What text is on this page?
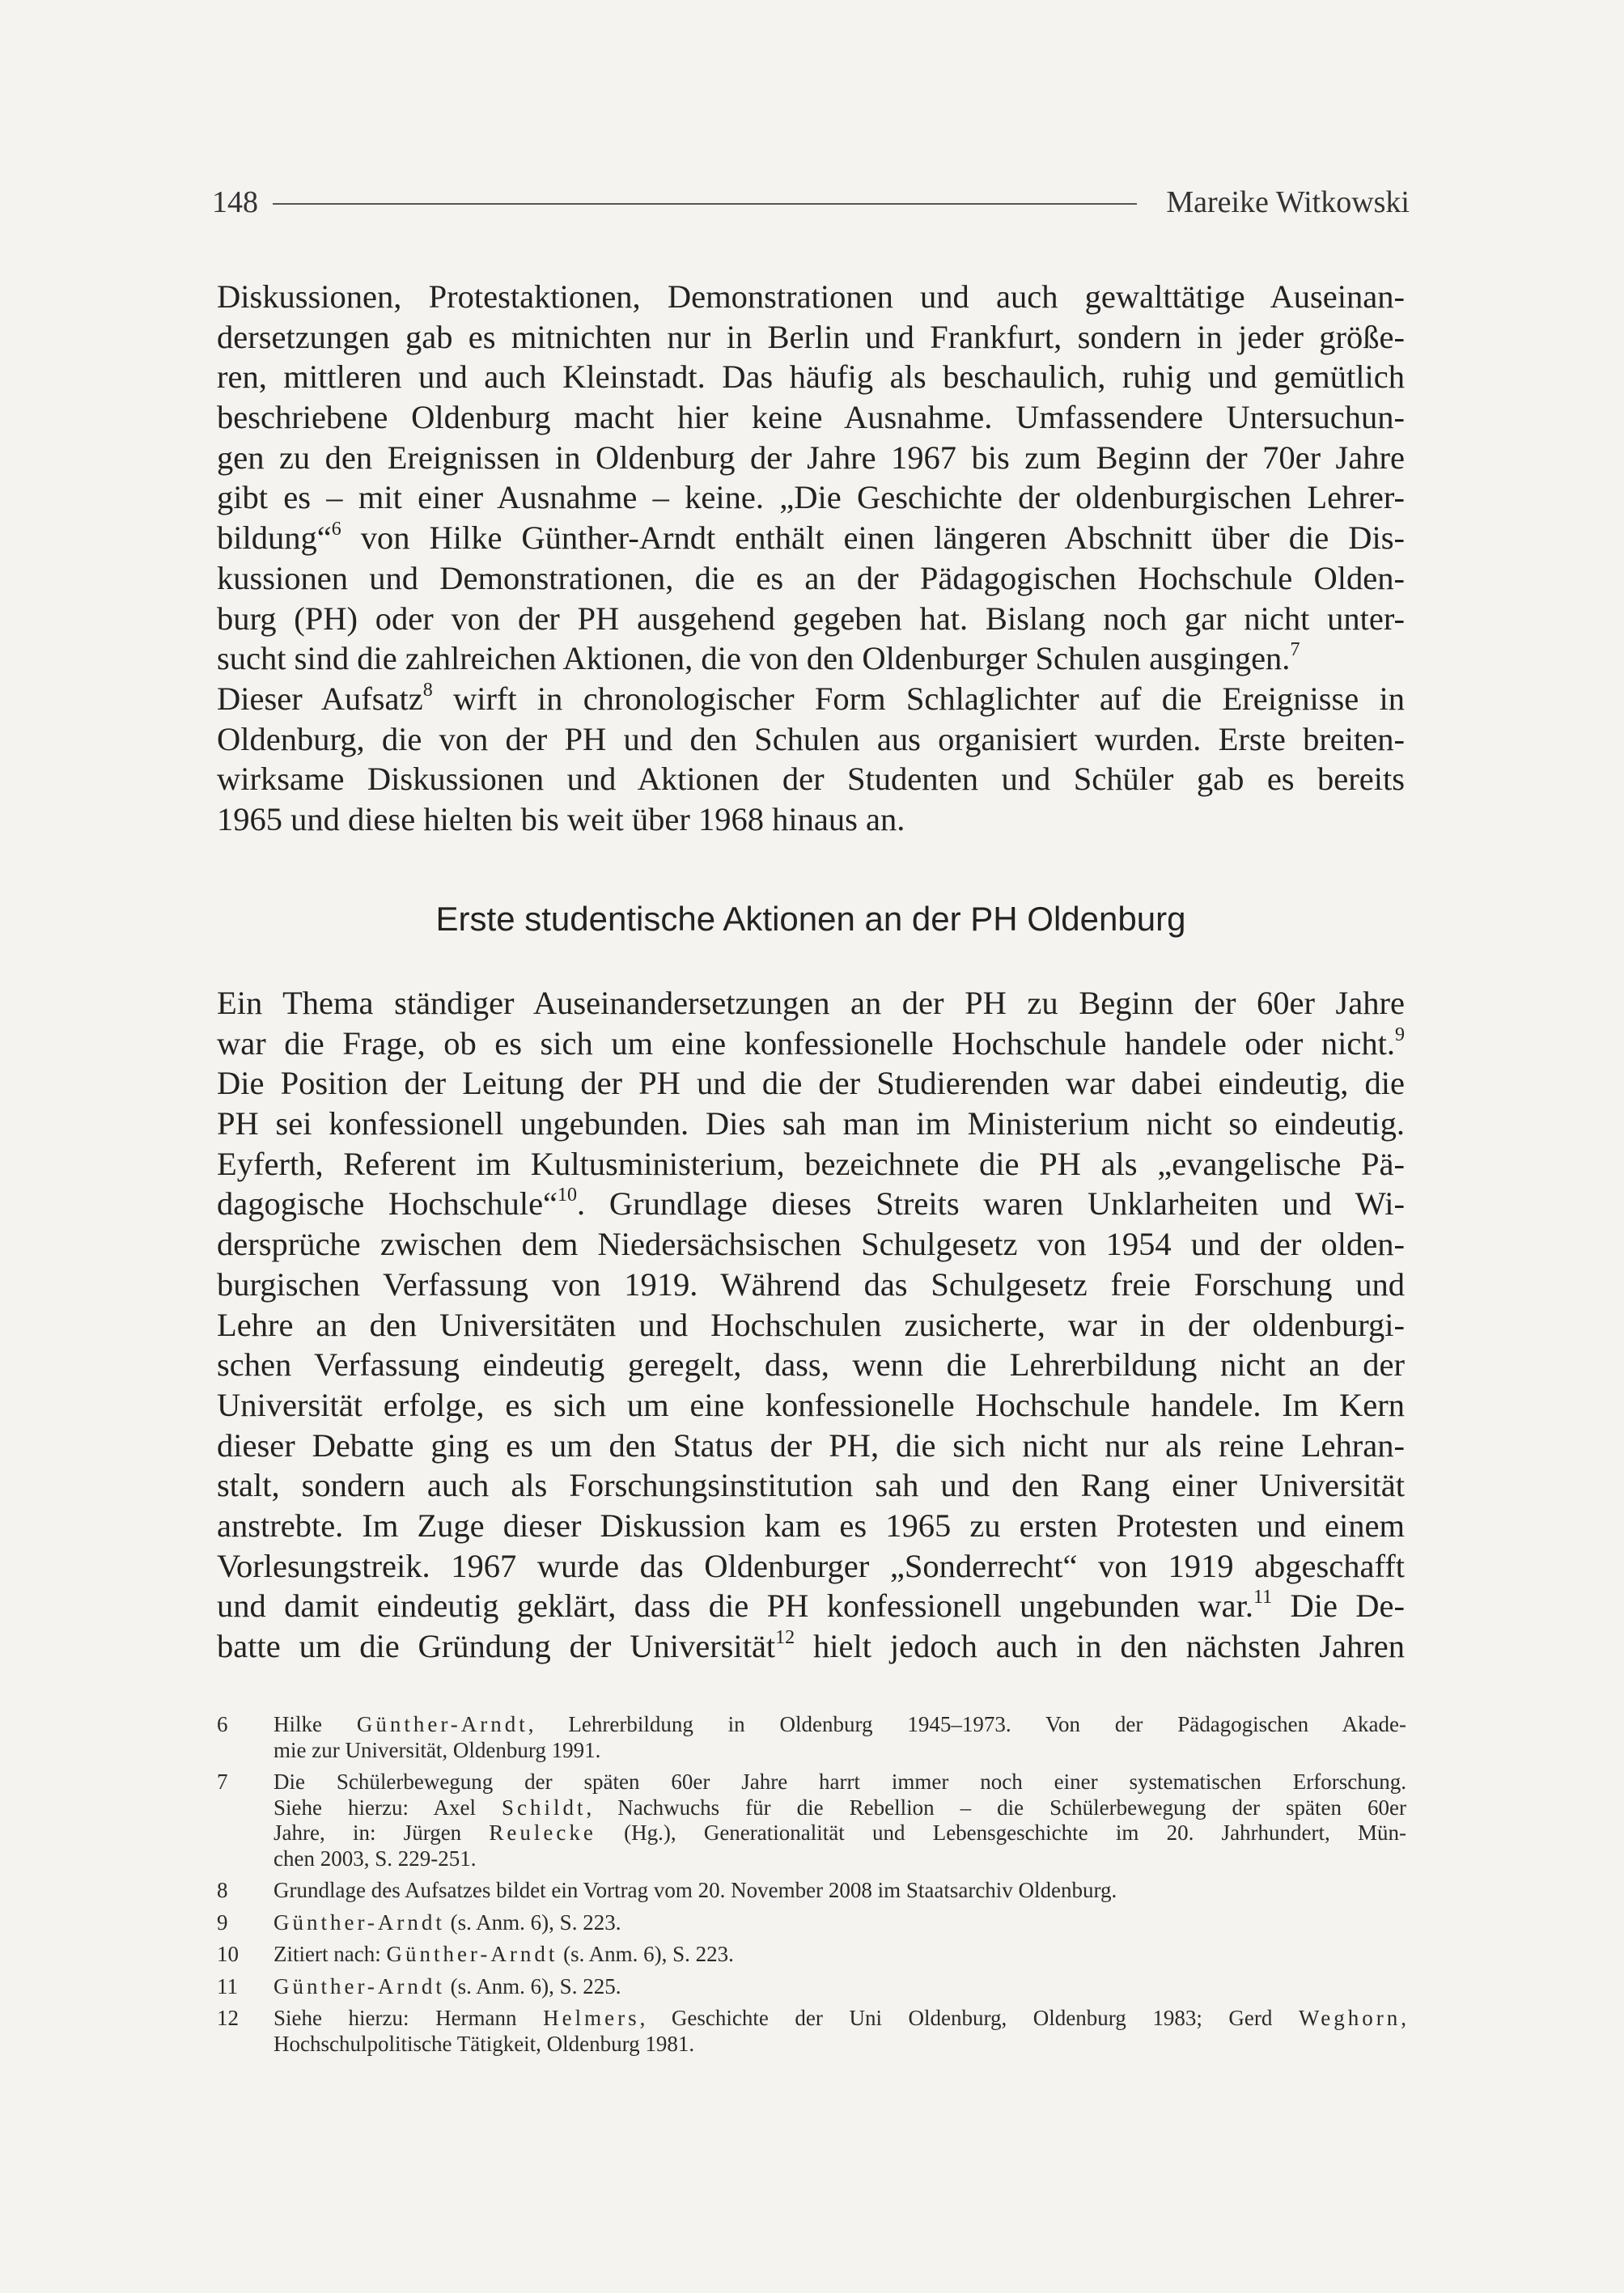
148	Mareike Witkowski
Diskussionen, Protestaktionen, Demonstrationen und auch gewalttätige Auseinan-
dersetzungen gab es mitnichten nur in Berlin und Frankfurt, sondern in jeder größe-
ren, mittleren und auch Kleinstadt. Das häufig als beschaulich, ruhig und gemütlich
beschriebene Oldenburg macht hier keine Ausnahme. Umfassendere Untersuchun-
gen zu den Ereignissen in Oldenburg der Jahre 1967 bis zum Beginn der 70er Jahre
gibt es – mit einer Ausnahme – keine. „Die Geschichte der oldenburgischen Lehrer-
bildung“$^6$ von Hilke Günther-Arndt enthält einen längeren Abschnitt über die Dis-
kussionen und Demonstrationen, die es an der Pädagogischen Hochschule Olden-
burg (PH) oder von der PH ausgehend gegeben hat. Bislang noch gar nicht unter-
sucht sind die zahlreichen Aktionen, die von den Oldenburger Schulen ausgingen.$^7$
Dieser Aufsatz$^8$ wirft in chronologischer Form Schlaglichter auf die Ereignisse in
Oldenburg, die von der PH und den Schulen aus organisiert wurden. Erste breiten-
wirksame Diskussionen und Aktionen der Studenten und Schüler gab es bereits
1965 und diese hielten bis weit über 1968 hinaus an.
Erste studentische Aktionen an der PH Oldenburg
Ein Thema ständiger Auseinandersetzungen an der PH zu Beginn der 60er Jahre
war die Frage, ob es sich um eine konfessionelle Hochschule handele oder nicht.$^9$
Die Position der Leitung der PH und die der Studierenden war dabei eindeutig, die
PH sei konfessionell ungebunden. Dies sah man im Ministerium nicht so eindeutig.
Eyferth, Referent im Kultusministerium, bezeichnete die PH als „evangelische Pä-
dagogische Hochschule“$^{10}$. Grundlage dieses Streits waren Unklarheiten und Wi-
dersprüche zwischen dem Niedersächsischen Schulgesetz von 1954 und der olden-
burgischen Verfassung von 1919. Während das Schulgesetz freie Forschung und
Lehre an den Universitäten und Hochschulen zusicherte, war in der oldenburgi-
schen Verfassung eindeutig geregelt, dass, wenn die Lehrerbildung nicht an der
Universität erfolge, es sich um eine konfessionelle Hochschule handele. Im Kern
dieser Debatte ging es um den Status der PH, die sich nicht nur als reine Lehran-
stalt, sondern auch als Forschungsinstitution sah und den Rang einer Universität
anstrebte. Im Zuge dieser Diskussion kam es 1965 zu ersten Protesten und einem
Vorlesungstreik. 1967 wurde das Oldenburger „Sonderrecht“ von 1919 abgeschafft
und damit eindeutig geklärt, dass die PH konfessionell ungebunden war.$^{11}$ Die De-
batte um die Gründung der Universität$^{12}$ hielt jedoch auch in den nächsten Jahren
6	Hilke Günther-Arndt, Lehrerbildung in Oldenburg 1945–1973. Von der Pädagogischen Akade-
mie zur Universität, Oldenburg 1991.
7	Die Schülerbewegung der späten 60er Jahre harrt immer noch einer systematischen Erforschung.
Siehe hierzu: Axel Schildt, Nachwuchs für die Rebellion – die Schülerbewegung der späten 60er
Jahre, in: Jürgen Reulecke (Hg.), Generationalität und Lebensgeschichte im 20. Jahrhundert, Mün-
chen 2003, S. 229-251.
8	Grundlage des Aufsatzes bildet ein Vortrag vom 20. November 2008 im Staatsarchiv Oldenburg.
9	Günther-Arndt (s. Anm. 6), S. 223.
10	Zitiert nach: Günther-Arndt (s. Anm. 6), S. 223.
11	Günther-Arndt (s. Anm. 6), S. 225.
12	Siehe hierzu: Hermann Helmers, Geschichte der Uni Oldenburg, Oldenburg 1983; Gerd Weghorn,
Hochschulpolitische Tätigkeit, Oldenburg 1981.
